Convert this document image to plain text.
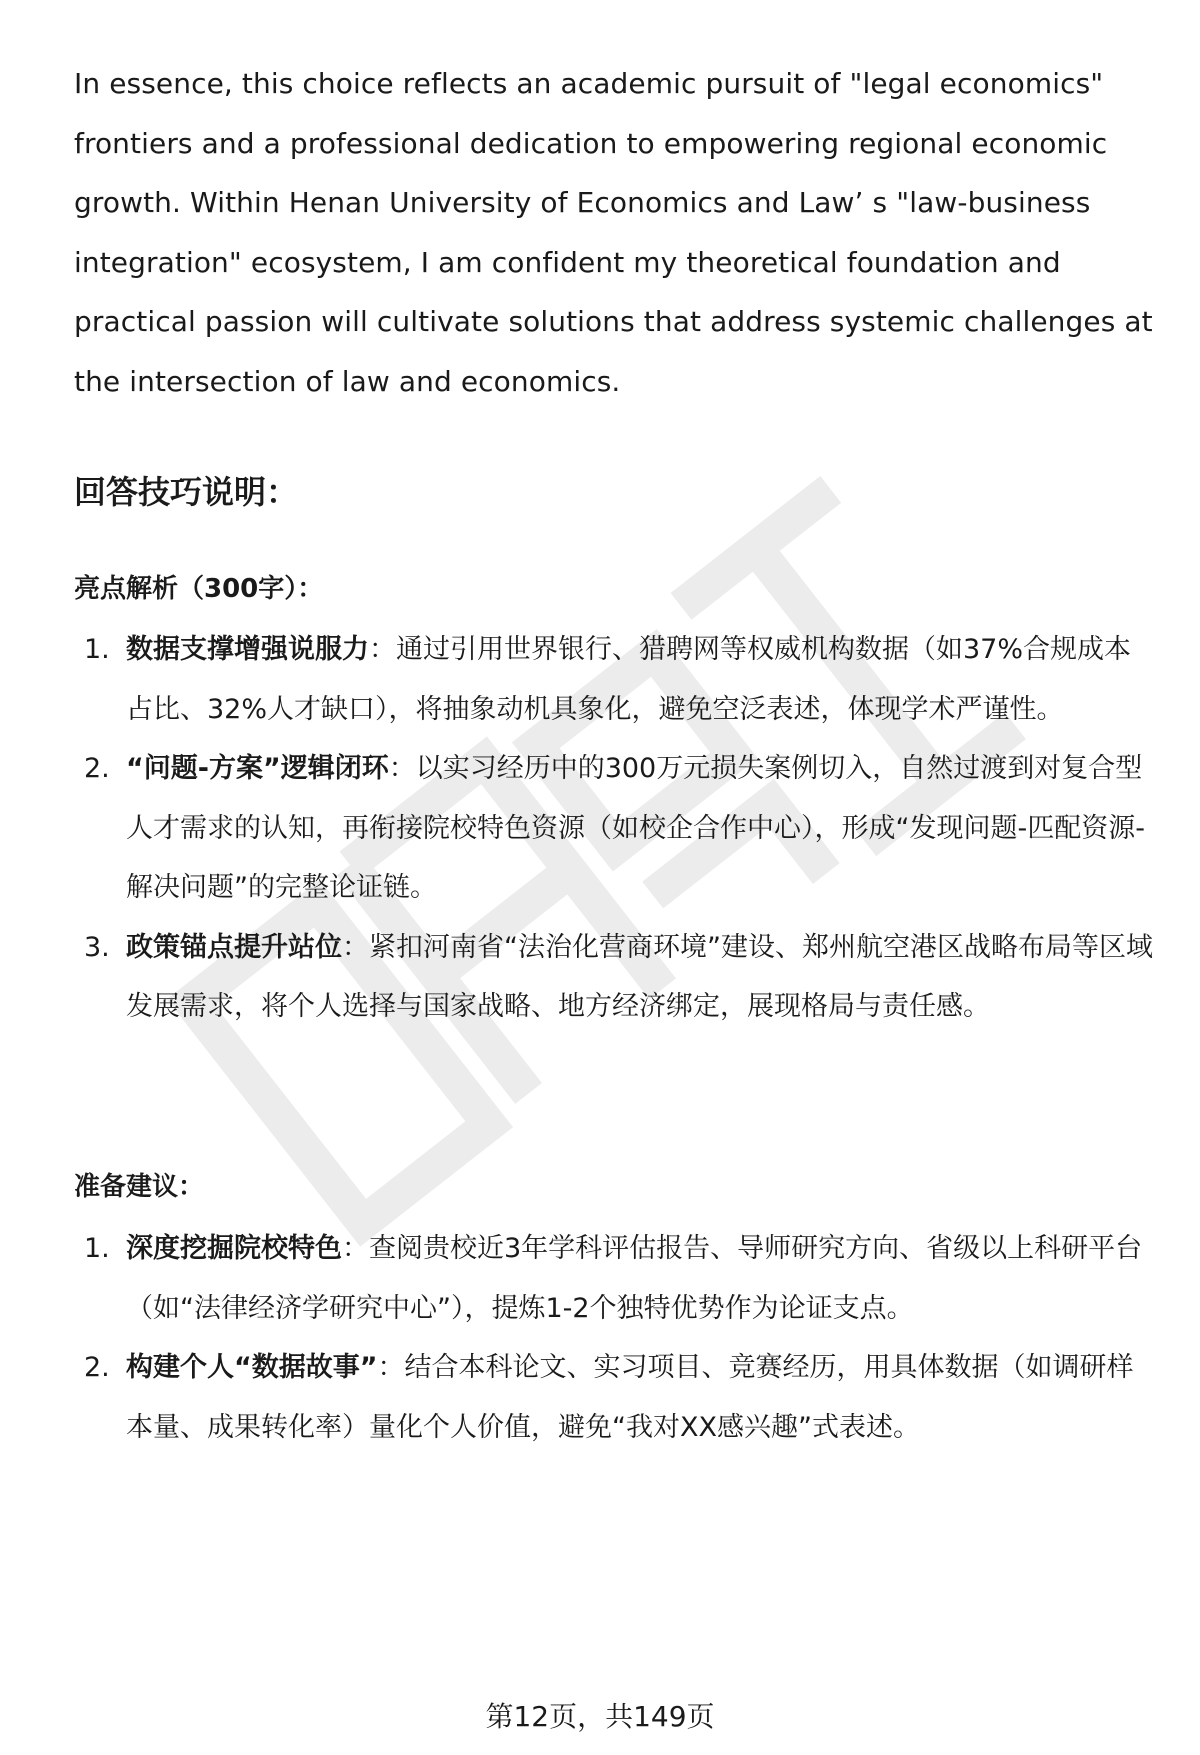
In essence, this choice reflects an academic pursuit of "legal economics" frontiers and a professional dedication to empowering regional economic growth. Within Henan University of Economics and Law’ s "law-business integration" ecosystem, I am confident my theoretical foundation and practical passion will cultivate solutions that address systemic challenges at the intersection of law and economics.

回答技巧说明：
亮点解析（300字）：
1. 数据支撑增强说服力：通过引用世界银行、猎聘网等权威机构数据（如37%合规成本占比、32%人才缺口），将抽象动机具象化，避免空泛表述，体现学术严谨性。
2. “问题-方案”逻辑闭环：以实习经历中的300万元损失案例切入，自然过渡到对复合型人才需求的认知，再衔接院校特色资源（如校企合作中心），形成“发现问题-匹配资源-解决问题”的完整论证链。
3. 政策锚点提升站位：紧扣河南省“法治化营商环境”建设、郑州航空港区战略布局等区域发展需求，将个人选择与国家战略、地方经济绑定，展现格局与责任感。
准备建议：
1. 深度挖掘院校特色：查阅贵校近3年学科评估报告、导师研究方向、省级以上科研平台（如“法律经济学研究中心”），提炼1-2个独特优势作为论证支点。
2. 构建个人“数据故事”：结合本科论文、实习项目、竞赛经历，用具体数据（如调研样本量、成果转化率）量化个人价值，避免“我对XX感兴趣”式表述。
第12页，共149页
